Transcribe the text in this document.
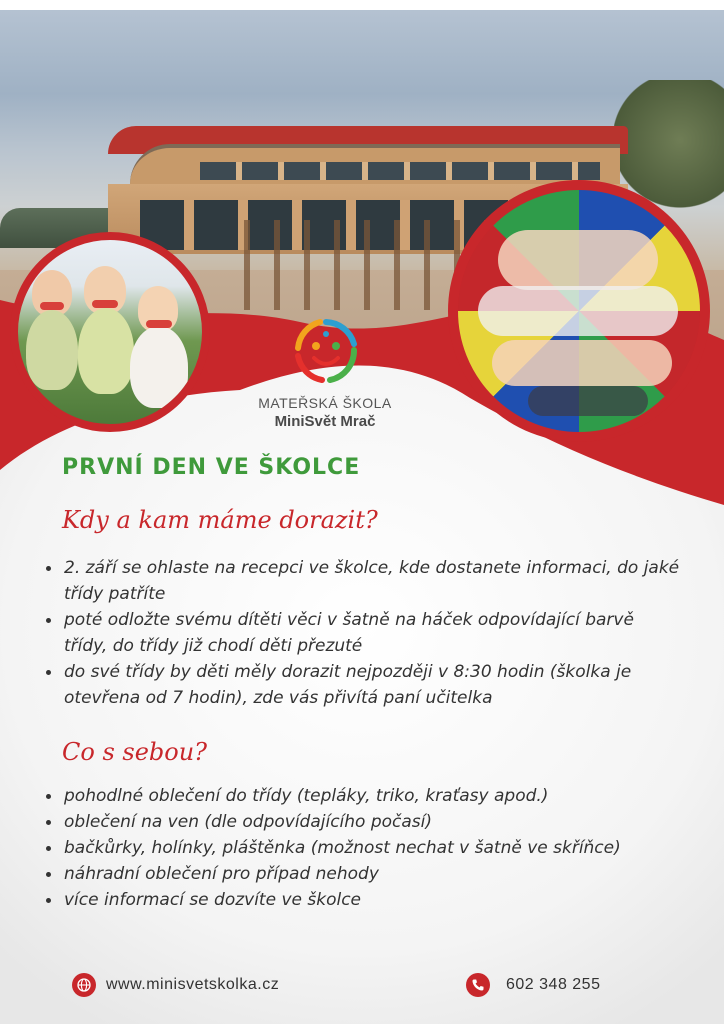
MATEŘSKÁ ŠKOLA
MiniSvět Mrač
PRVNÍ DEN VE ŠKOLCE
Kdy a kam máme dorazit?
2. září se ohlaste na recepci ve školce, kde dostanete informaci, do jaké třídy patříte
poté odložte svému dítěti věci v šatně na háček odpovídající barvě třídy, do třídy již chodí děti přezuté
do své třídy by děti měly dorazit nejpozději v 8:30 hodin (školka je otevřena od 7 hodin), zde vás přivítá paní učitelka
Co s sebou?
pohodlné oblečení do třídy (tepláky, triko, kraťasy apod.)
oblečení na ven (dle odpovídajícího počasí)
bačkůrky, holínky, pláštěnka (možnost nechat v šatně ve skříňce)
náhradní oblečení pro případ nehody
více informací se dozvíte ve školce
www.minisvetskolka.cz	602 348 255
